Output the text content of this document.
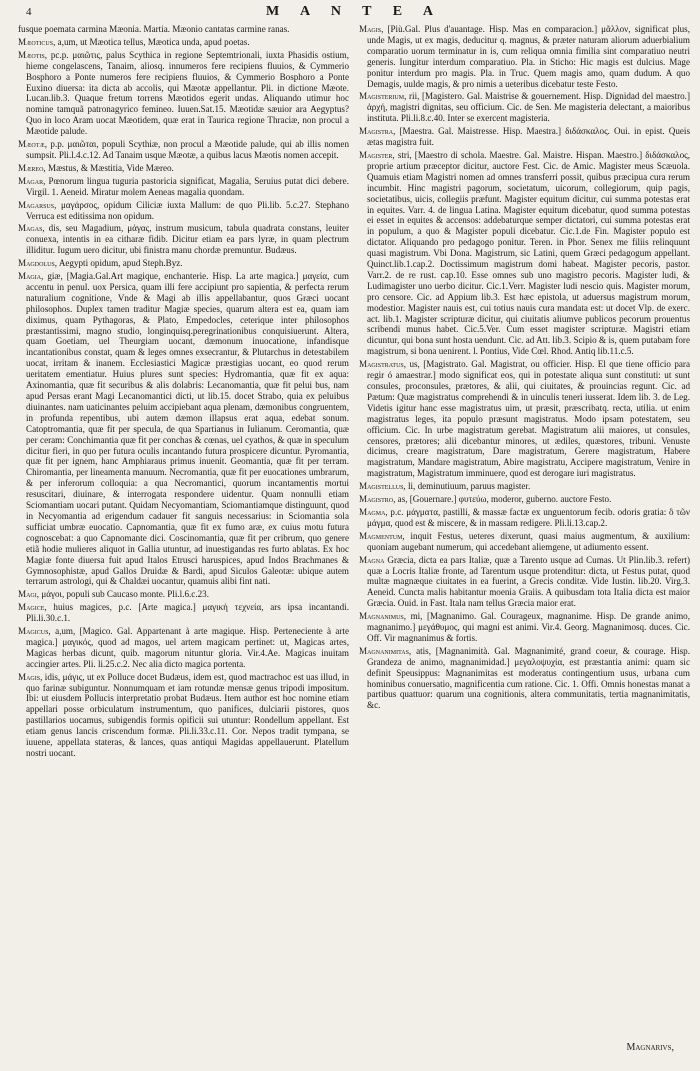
4	M A N T E A

fusque poemata carmina Mæonia. Martia. Mæonio cantatas carmine ranas.

Mæoticus, a,um, ut Mæotica tellus, Mæotica unda, apud poetas.

Mæotis, pc.p. μαιῶτις, palus Scythica in regione Septemtrionali, iuxta Phasidis ostium, hieme congelascens, Tanaim, aliosq. innumeros fere recipiens fluuios, & Cymmerio Bosphoro a Ponte numeros fere recipiens fluuios, & Cymmerio Bosphoro a Ponte Euxino diuersa: ita dicta ab accolis, qui Mæotæ appellantur. Pli. in dictione Mæote. Lucan.lib.3. Quaque fretum torrens Mæotidos egerit undas. Aliquando utimur hoc nomine tamquã patronagyrico femineo. Iuuen.Sat.15. Mæotidæ sæuior ara Aegyptus? Quo in loco Aram uocat Mæotidem, quæ erat in Taurica regione Thraciæ, non procul a Mæotide palude.

Mæotæ, p.p. μαιῶται, populi Scythiæ, non procul a Mæotide palude, qui ab illis nomen sumpsit. Pli.l.4.c.12. Ad Tanaim usque Mæotæ, a quibus lacus Mæotis nomen accepit.

Mæreo, Mæstus, & Mæstitia, Vide Mæreo.

Magar, Pœnorum lingua tuguria pastoricia significat, Magalia, Seruius putat dici debere. Virgil. 1. Aeneid. Miratur molem Aeneas magalia quondam.

Magarsus, μαγάρσος, opidum Ciliciæ iuxta Mallum: de quo Pli.lib. 5.c.27. Stephano Verruca est editissima non opidum.

Magas, dis, seu Magadium, μάγας, instrum musicum, tabula quadrata constans, leuiter conuexa, intentis in ea citharæ fidib. Dicitur etiam ea pars lyræ, in quam plectrum illiditur. Iugum uero dicitur, ubi finistra manu chordæ premuntur. Budæus.

Magdolus, Aegypti opidum, apud Steph.Byz.

Magia, giæ, [Magia.Gal.Art magique, enchanterie. Hisp. La arte magica.] μαγεία, cum accentu in penul. uox Persica, quam illi fere accipiunt pro sapientia, & perfecta rerum naturalium cognitione, Vnde & Magi ab illis appellabantur, quos Græci uocant philosophos. Duplex tamen traditur Magiæ species, quarum altera est ea, quam iam diximus, quam Pythagoras, & Plato, Empedocles, ceterique inter philosophos præstantissimi, magno studio, longinquisq.peregrinationibus conquisiuerunt. Altera, quam Goetiam, uel Theurgiam uocant, dæmonum inuocatione, infandisque incantationibus constat, quam & leges omnes exsecrantur, & Plutarchus in detestabilem uocat, irritam & inanem. Ecclesiastici Magicæ præstigias uocant, eo quod rerum ueritatem ementiatur. Huius plures sunt species: Hydromantia, quæ fit ex aqua: Axinomantia, quæ fit securibus & alis dolabris: Lecanomantia, quæ fit pelui bus, nam apud Persas erant Magi Lecanomantici dicti, ut lib.15. docet Strabo, quia ex peluibus diuinantes. nam uaticinantes peluim accipiebant aqua plenam, dæmonibus congruentem, in profunda repentibus, ubi autem dæmon illapsus erat aqua, edebat sonum. Catoptromantia, quæ fit per specula, de qua Spartianus in Iulianum. Ceromantia, quæ per ceram: Conchimantia quæ fit per conchas & cœnas, uel cyathos, & quæ in speculum dicitur fieri, in quo per futura oculis incantando futura prospicere dicuntur. Pyromantia, quæ fit per ignem, hanc Amphiaraus primus inuenit. Geomantia, quæ fit per terram. Chiromantia, per lineamenta manuum. Necromantia, quæ fit per euocationes umbrarum, & per inferorum colloquia: a qua Necromantici, quorum incantamentis mortui resuscitari, diuinare, & interrogata respondere uidentur. Quam nonnulli etiam Sciomantiam uocari putant. Quidam Necyomantiam, Sciomantiamque distinguunt, quod in Necyomantia ad erigendum cadauer fit sanguis necessarius: in Sciomantia sola sufficiat umbræ euocatio. Capnomantia, quæ fit ex fumo aræ, ex cuius motu futura cognoscebat: a quo Capnomante dici. Coscinomantia, quæ fit per cribrum, quo genere etiã hodie mulieres aliquot in Gallia utuntur, ad inuestigandas res furto ablatas. Ex hoc Magiæ fonte diuersa fuit apud Italos Etrusci haruspices, apud Indos Brachmanes & Gymnosophistæ, apud Gallos Druidæ & Bardi, apud Siculos Galeotæ: ubique autem terrarum astrologi, qui & Chaldæi uocantur, quamuis alibi fint nati.

Magi, μάγοι, populi sub Caucaso monte. Pli.l.6.c.23.

Magice, huius magices, p.c. [Arte magica.] μαγικὴ τεχνεία, ars ipsa incantandi. Pli.li.30.c.1.

Magicus, a,um, [Magico. Gal. Appartenant à arte magique. Hisp. Perteneciente à arte magica.] μαγικός, quod ad magos, uel artem magicam pertinet: ut, Magicas artes, Magicas herbas dicunt, quib. magorum nituntur gloria. Vir.4.Ae. Magicas inuitam accingier artes. Pli. li.25.c.2. Nec alia dicto magica portenta.

Magis, idis, μάγις, ut ex Polluce docet Budæus, idem est, quod mactrachoc est uas illud, in quo farinæ subiguntur. Nonnumquam et iam rotundæ mensæ genus tripodi impositum. Ibi: ut eiusdem Pollucis interpretatio probat Budæus. Item author est hoc nomine etiam appellari posse orbiculatum instrumentum, quo panifices, dulciarii pistores, quos pastillarios uocamus, subigendis formis opificii sui utuntur: Rondellum appellant. Est etiam genus lancis criscendum formæ. Pli.li.33.c.11. Cor. Nepos tradit tympana, se iuuene, appellata stateras, & lances, quas antiqui Magidas appellauerunt. Platellum nostri uocant.

Magis, [Più.Gal. Plus d'auantage. Hisp. Mas en comparacion.] μᾶλλον, significat plus, unde Magis, ut ex magis, deducitur q. magnus, & præter naturam aliorum aduerbialium comparatio uorum terminatur in is, cum reliqua omnia fimilia sint comparatiuo neutri generis. Iungitur interdum comparatiuo. Pla. in Sticho: Hic magis est dulcius. Mage ponitur interdum pro magis. Pla. in Truc. Quem magis amo, quam dudum. A quo Demagis, uulde magis, & pro nimis a ueteribus dicebatur teste Festo.

Magisterium, rii, [Magistero. Gal. Maistrise & gouernement. Hisp. Dignidad del maestro.] ἀρχή, magistri dignitas, seu officium. Cic. de Sen. Me magisteria delectant, a maioribus instituta. Pli.li.8.c.40. Inter se exercent magisteria.

Magistra, [Maestra. Gal. Maistresse. Hisp. Maestra.] διδάσκαλος. Oui. in epist. Queis ætas magistra fuit.

Magister, stri, [Maestro di schola. Maestre. Gal. Maistre. Hispan. Maestro.] διδάσκαλος, proprie artium præceptor dicitur, auctore Fest. Cic. de Amic. Magister meus Scæuola. Quamuis etiam Magistri nomen ad omnes transferri possit, quibus præcipua cura rerum incumbit. Hinc magistri pagorum, societatum, uicorum, collegiorum, quip pagis, societatibus, uicis, collegiis præfunt. Magister equitum dicitur, cui summa potestas erat in equites. Varr. 4. de lingua Latina. Magister equitum dicebatur, quod summa potestas ei esset in equites & accensos: addebaturque semper dictatori, cui summa potestas erat in populum, a quo & Magister populi dicebatur. Cic.1.de Fin. Magister populo est dictator. Aliquando pro pedagogo ponitur. Teren. in Phor. Senex me filiis relinquunt quasi magistrum. Vbi Dona. Magistrum, sic Latini, quem Græci pedagogum appellant. Quinct.lib.1.cap.2. Doctissimum magistrum domi habeat. Magister pecoris, pastor. Varr.2. de re rust. cap.10. Esse omnes sub uno magistro pecoris. Magister ludi, & Ludimagister uno uerbo dicitur. Cic.1.Verr. Magister ludi nescio quis. Magister morum, pro censore. Cic. ad Appium lib.3. Est hæc epistola, ut aduersus magistrum morum, modestior. Magister nauis est, cui totius nauis cura mandata est: ut docet Vlp. de exerc. act. lib.1. Magister scripturæ dicitur, qui ciuitatis aliumve publicos pecorum prouentus scribendi munus habet. Cic.5.Ver. Cum esset magister scripturæ. Magistri etiam dicuntur, qui bona sunt hosta uendunt. Cic. ad Att. lib.3. Scipio & is, quem putabam fore magistrum, si bona uenirent. l. Pontius, Vide Cœl. Rhod. Antiq lib.11.c.5.

Magistratus, us, [Magistrato. Gal. Magistrat, ou officier. Hisp. El que tiene officio para regir ó amaestrar.] modo significat eos, qui in potestate aliqua sunt constituti: ut sunt consules, proconsules, prætores, & alii, qui ciuitates, & prouincias regunt. Cic. ad Pætum: Quæ magistratus comprehendi & in uinculis teneri iusserat. Idem lib. 3. de Leg. Videtis igitur hanc esse magistratus uim, ut præsit, præscribatq. recta, utilia. ut enim magistratus leges, ita populo præsunt magistratus. Modo ipsam potestatem, seu officium. Cic. In urbe magistratum gerebat. Magistratum alii maiores, ut consules, censores, prætores; alii dicebantur minores, ut ædiles, quæstores, tribuni. Venuste dicimus, creare magistratum, Dare magistratum, Gerere magistratum, Habere magistratum, Mandare magistratum, Abire magistratu, Accipere magistratum, Venire in magistratum, Magistratum imminuere, quod est derogare iuri magistratus.

Magistellus, li, deminutiuum, paruus magister.

Magistro, as, [Gouernare.] φυτεύω, moderor, guberno. auctore Festo.

Magma, p.c. μάγματα, pastilli, & massæ factæ ex unguentorum fecib. odoris gratia: ὃ τῶν μάγμα, quod est & miscere, & in massam redigere. Pli.li.13.cap.2.

Magmentum, inquit Festus, ueteres dixerunt, quasi maius augmentum, & auxilium: quoniam augebant numerum, qui accedebant aliemgene, ut adiumento essent.

Magna Græcia, dicta ea pars Italiæ, quæ a Tarento usque ad Cumas. Ut Plin.lib.3. refert) quæ a Locris Italiæ fronte, ad Tarentum usque protenditur: dicta, ut Festus putat, quod multæ magnæque ciuitates in ea fuerint, a Grecis conditæ. Vide Iustin. lib.20. Virg.3. Aeneid. Cuncta malis habitantur moenia Graiis. A quibusdam tota Italia dicta est maior Græcia. Ouid. in Fast. Itala nam tellus Græcia maior erat.

Magnanimus, mi, [Magnanimo. Gal. Courageux, magnanime. Hisp. De grande animo, magnanimo.] μεγάθυμος, qui magni est animi. Vir.4. Georg. Magnanimosq. duces. Cic. Off. Vir magnanimus & fortis.

Magnanimitas, atis, [Magnanimità. Gal. Magnanimité, grand coeur, & courage. Hisp. Grandeza de animo, magnanimidad.] μεγαλοψυχία, est præstantia animi: quam sic definit Speusippus: Magnanimitas est moderatus contingentium usus, urbana cum hominibus conuersatio, magnificentia cum ratione. Cic. 1. Offi. Omnis honestas manat a partibus quattuor: quarum una cognitionis, altera communitatis, tertia magnanimitatis, &c.

Magnarivs,
